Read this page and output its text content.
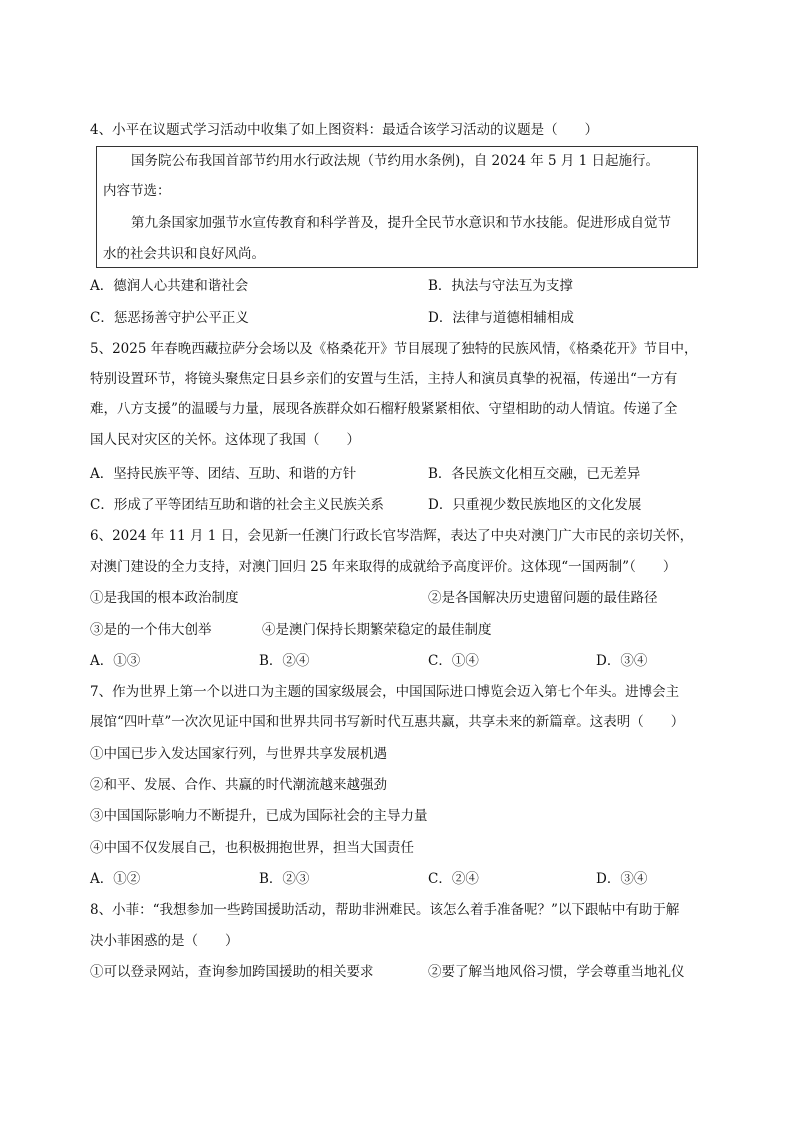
4、小平在议题式学习活动中收集了如上图资料：最适合该学习活动的议题是（　　）
国务院公布我国首部节约用水行政法规（节约用水条例)，自 2024 年 5 月 1 日起施行。
内容节选：
第九条国家加强节水宣传教育和科学普及，提升全民节水意识和节水技能。促进形成自觉节
水的社会共识和良好风尚。
A．德润人心共建和谐社会	B．执法与守法互为支撑
C．惩恶扬善守护公平正义	D．法律与道德相辅相成
5、2025 年春晚西藏拉萨分会场以及《格桑花开》节目展现了独特的民族风情，《格桑花开》节目中，
特别设置环节，将镜头聚焦定日县乡亲们的安置与生活，主持人和演员真挚的祝福，传递出“一方有
难，八方支援”的温暖与力量，展现各族群众如石榴籽般紧紧相依、守望相助的动人情谊。传递了全
国人民对灾区的关怀。这体现了我国（　　）
A．坚持民族平等、团结、互助、和谐的方针	B．各民族文化相互交融，已无差异
C．形成了平等团结互助和谐的社会主义民族关系	D．只重视少数民族地区的文化发展
6、2024 年 11 月 1 日，会见新一任澳门行政长官岑浩辉，表达了中央对澳门广大市民的亲切关怀，
对澳门建设的全力支持，对澳门回归 25 年来取得的成就给予高度评价。这体现“一国两制”（　　）
①是我国的根本政治制度	②是各国解决历史遗留问题的最佳路径
③是的一个伟大创举	④是澳门保持长期繁荣稳定的最佳制度
A．①③	B．②④	C．①④	D．③④
7、作为世界上第一个以进口为主题的国家级展会，中国国际进口博览会迈入第七个年头。进博会主
展馆“四叶草”一次次见证中国和世界共同书写新时代互惠共赢，共享未来的新篇章。这表明（　　）
①中国已步入发达国家行列，与世界共享发展机遇
②和平、发展、合作、共赢的时代潮流越来越强劲
③中国国际影响力不断提升，已成为国际社会的主导力量
④中国不仅发展自己，也积极拥抱世界，担当大国责任
A．①②	B．②③	C．②④	D．③④
8、小菲：“我想参加一些跨国援助活动，帮助非洲难民。该怎么着手准备呢？”以下跟帖中有助于解
决小菲困惑的是（　　）
①可以登录网站，查询参加跨国援助的相关要求	②要了解当地风俗习惯，学会尊重当地礼仪
